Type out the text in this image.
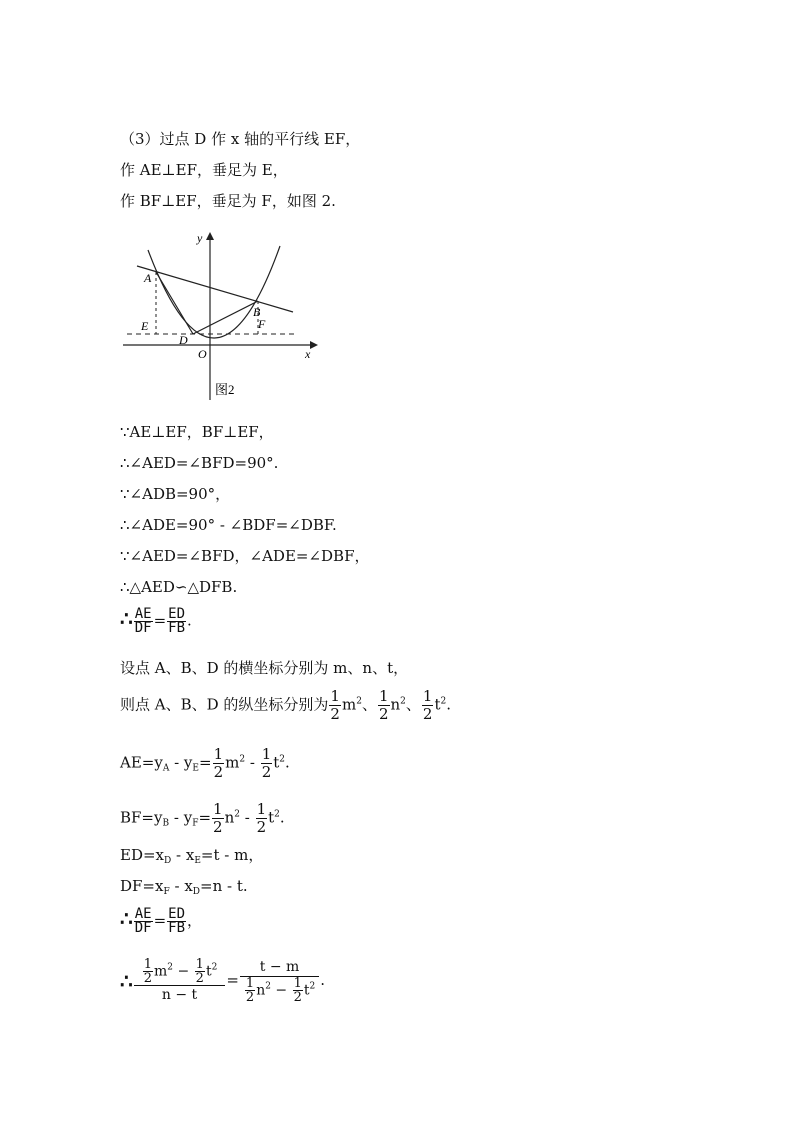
（3）过点 D 作 x 轴的平行线 EF，
作 AE⊥EF，垂足为 E，
作 BF⊥EF，垂足为 F，如图 2.
y
x
A
B
E	F
D
O
图2
∵AE⊥EF，BF⊥EF，
∴∠AED=∠BFD=90°.
∵∠ADB=90°，
∴∠ADE=90° - ∠BDF=∠DBF.
∵∠AED=∠BFD，∠ADE=∠DBF，
∴△AED∽△DFB.
∴ $\frac{AE}{DF} = \frac{ED}{FB}$ .
设点 A、B、D 的横坐标分别为 m、n、t，
则点 A、B、D 的纵坐标分别为 $\frac{1}{2} m^2$、 $\frac{1}{2} n^2$、 $\frac{1}{2} t^2$.
$AE=y_A - y_E= \frac{1}{2} m^2 - \frac{1}{2} t^2$.
$BF=y_B - y_F= \frac{1}{2} n^2 - \frac{1}{2} t^2$.
$ED=x_D - x_E=t - m$，
$DF=x_F - x_D=n - t$.
∴ $\frac{AE}{DF} = \frac{ED}{FB}$ ，
∴ $\frac{\frac{1}{2} m^2 - \frac{1}{2} t^2}{n - t} = \frac{t - m}{\frac{1}{2} n^2 - \frac{1}{2} t^2}$ .
